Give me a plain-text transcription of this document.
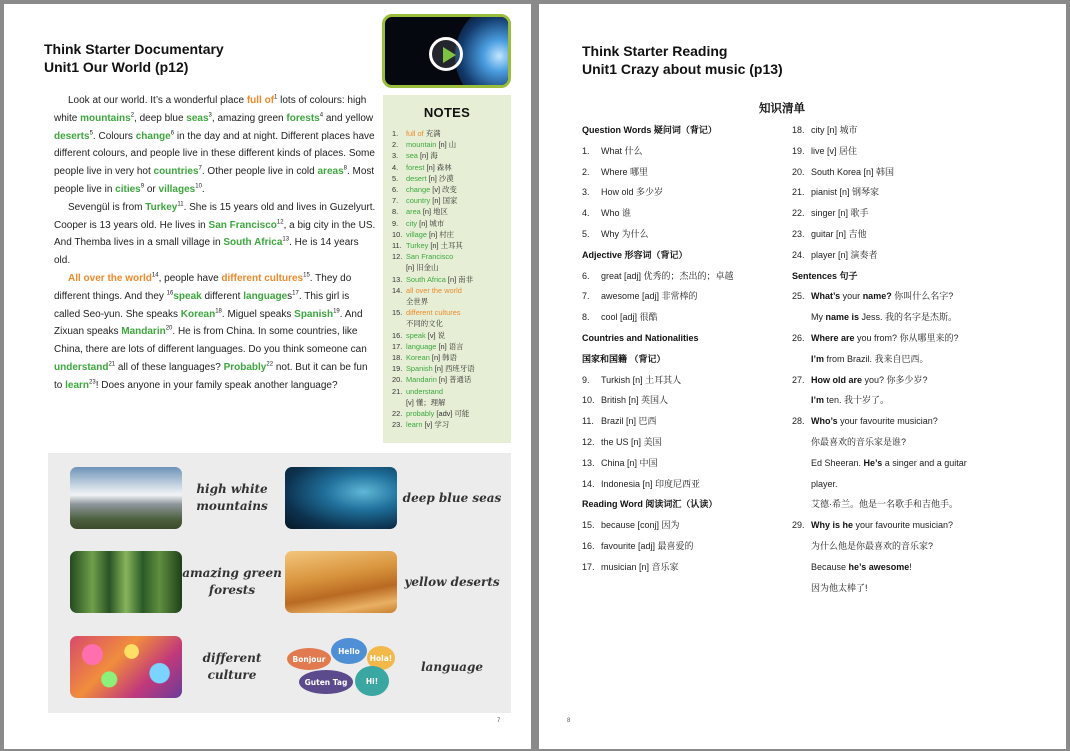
Think Starter Documentary
Unit1 Our World (p12)

Look at our world. It’s a wonderful place full $of^1$ lots of colours: high white mountains$^2$, deep blue seas$^3$, amazing green forests$^4$ and yellow deserts$^5$. Colours change$^6$ in the day and at night. Different places have different colours, and people live in these different kinds of places. Some people live in very hot countries$^7$. Other people live in cold areas$^8$. Most people live in cities$^9$ or villages$^{10}$.

Sevengül is from Turkey$^{11}$. She is 15 years old and lives in Guzelyurt. Cooper is 13 years old. He lives in San Francisco$^{12}$, a big city in the US. And Themba lives in a small village in South Africa$^{13}$. He is 14 years old.

All over the world$^{14}$, people have different cultures$^{15}$. They do different things. And they $^{16}$speak different languages$^{17}$. This girl is called Seo-yun. She speaks Korean$^{18}$. Miguel speaks Spanish$^{19}$. And Zixuan speaks Mandarin$^{20}$. He is from China. In some countries, like China, there are lots of different languages. Do you think someone can understand$^{21}$ all of these languages? Probably$^{22}$ not. But it can be fun to learn$^{23}$! Does anyone in your family speak another language?

NOTES
1.	full of 充满
2.	mountain [n] 山
3.	sea [n] 海
4.	forest [n] 森林
5.	desert [n] 沙漠
6.	change [v] 改变
7.	country [n] 国家
8.	area [n] 地区
9.	city [n] 城市
10. village [n] 村庄
11. Turkey [n] 土耳其
12. San Francisco
[n] 旧金山
13. South Africa [n] 南非
14. all over the world
全世界
15. different cultures
不同的文化
16. speak [v] 说
17. language [n] 语言
18. Korean [n] 韩语
19. Spanish [n] 西班牙语
20. Mandarin [n] 普通话
21. understand
[v] 懂；理解
22. probably [adv] 可能
23. learn [v] 学习
high white mountains
deep blue seas
amazing green forests
yellow deserts
different culture
Bonjour
Hello
Hola!
Guten Tag	Hi!
language
7
Think Starter Reading
Unit1 Crazy about music (p13)
知识清单
Question Words 疑问词（背记）
1. What 什么
2. Where 哪里
3. How old 多少岁
4. Who 谁
5. Why 为什么
Adjective 形容词（背记）
6. great [adj] 优秀的；杰出的；卓越
7. awesome [adj] 非常棒的
8. cool [adj] 很酷
Countries and Nationalities
国家和国籍 （背记）
9. Turkish [n] 土耳其人
10. British [n] 英国人
11. Brazil [n] 巴西
12. the US [n] 美国
13. China [n] 中国
14. Indonesia [n] 印度尼西亚
Reading Word 阅读词汇（认读）
15. because [conj] 因为
16. favourite [adj] 最喜爱的
17. musician [n] 音乐家
18. city [n] 城市
19. live [v] 居住
20. South Korea [n] 韩国
21. pianist [n] 钢琴家
22. singer [n] 歌手
23. guitar [n] 吉他
24. player [n] 演奏者
Sentences 句子
25. What’s your name? 你叫什么名字?
My name is Jess. 我的名字是杰斯。
26. Where are you from? 你从哪里来的?
I’m from Brazil. 我来自巴西。
27. How old are you? 你多少岁?
I’m ten. 我十岁了。
28. Who’s your favourite musician?
你最喜欢的音乐家是谁?
Ed Sheeran. He’s a singer and a guitar
player.
艾德·希兰。他是一名歌手和吉他手。
29. Why is he your favourite musician?
为什么他是你最喜欢的音乐家?
Because he’s awesome!
因为他太棒了!
8
